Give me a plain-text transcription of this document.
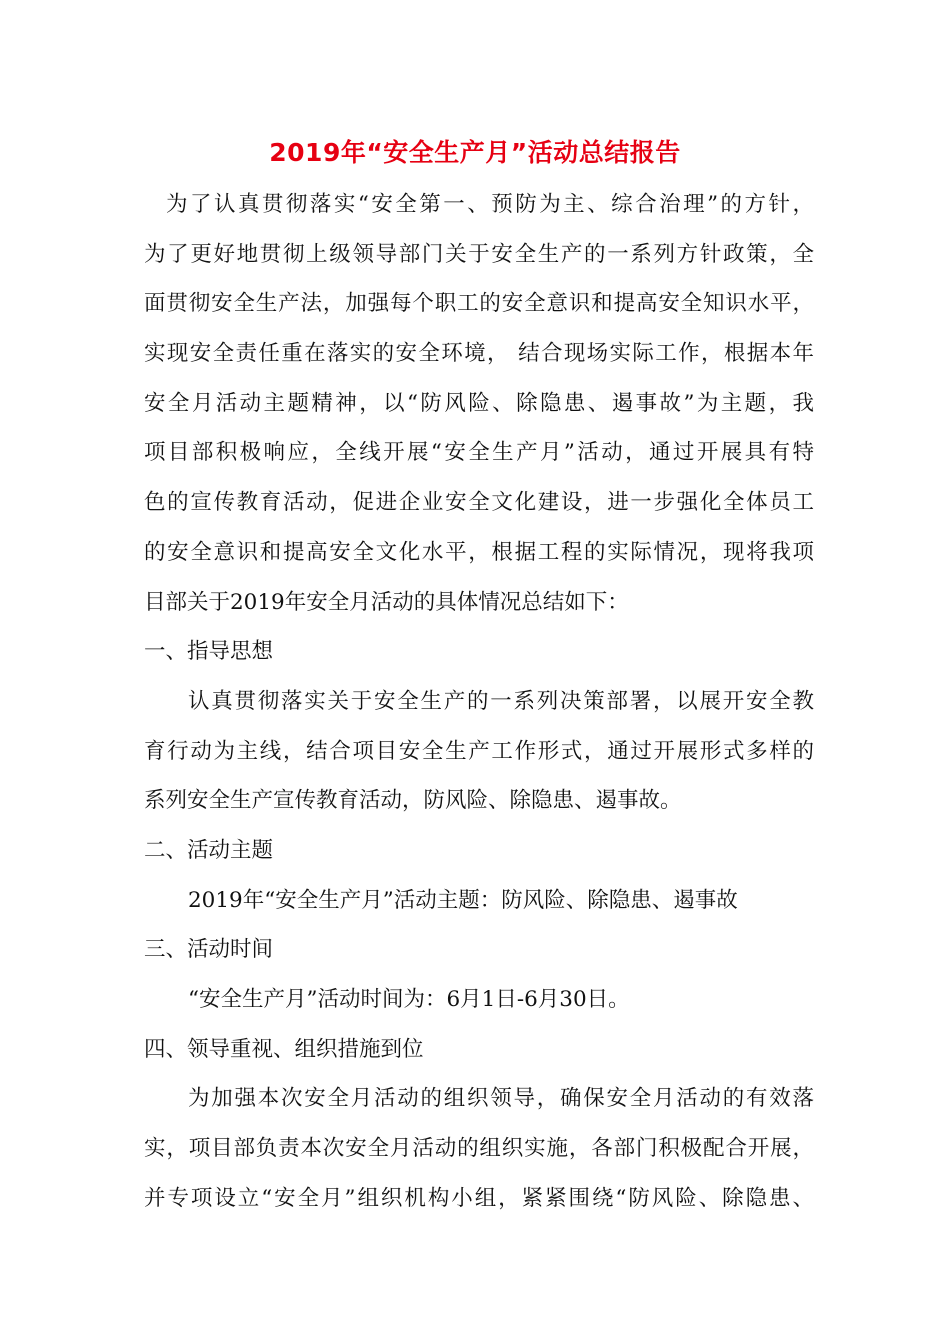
2019年“安全生产月”活动总结报告
为了认真贯彻落实“安全第一、预防为主、综合治理”的方针，
为了更好地贯彻上级领导部门关于安全生产的一系列方针政策，全
面贯彻安全生产法，加强每个职工的安全意识和提高安全知识水平，
实现安全责任重在落实的安全环境， 结合现场实际工作，根据本年
安全月活动主题精神，以“防风险、除隐患、遏事故”为主题，我
项目部积极响应，全线开展“安全生产月”活动，通过开展具有特
色的宣传教育活动，促进企业安全文化建设，进一步强化全体员工
的安全意识和提高安全文化水平，根据工程的实际情况，现将我项
目部关于2019年安全月活动的具体情况总结如下：
一、指导思想
认真贯彻落实关于安全生产的一系列决策部署，以展开安全教
育行动为主线，结合项目安全生产工作形式，通过开展形式多样的
系列安全生产宣传教育活动，防风险、除隐患、遏事故。
二、活动主题
2019年“安全生产月”活动主题：防风险、除隐患、遏事故
三、活动时间
“安全生产月”活动时间为：6月1日-6月30日。
四、领导重视、组织措施到位
为加强本次安全月活动的组织领导，确保安全月活动的有效落
实，项目部负责本次安全月活动的组织实施，各部门积极配合开展，
并专项设立“安全月”组织机构小组，紧紧围绕“防风险、除隐患、
